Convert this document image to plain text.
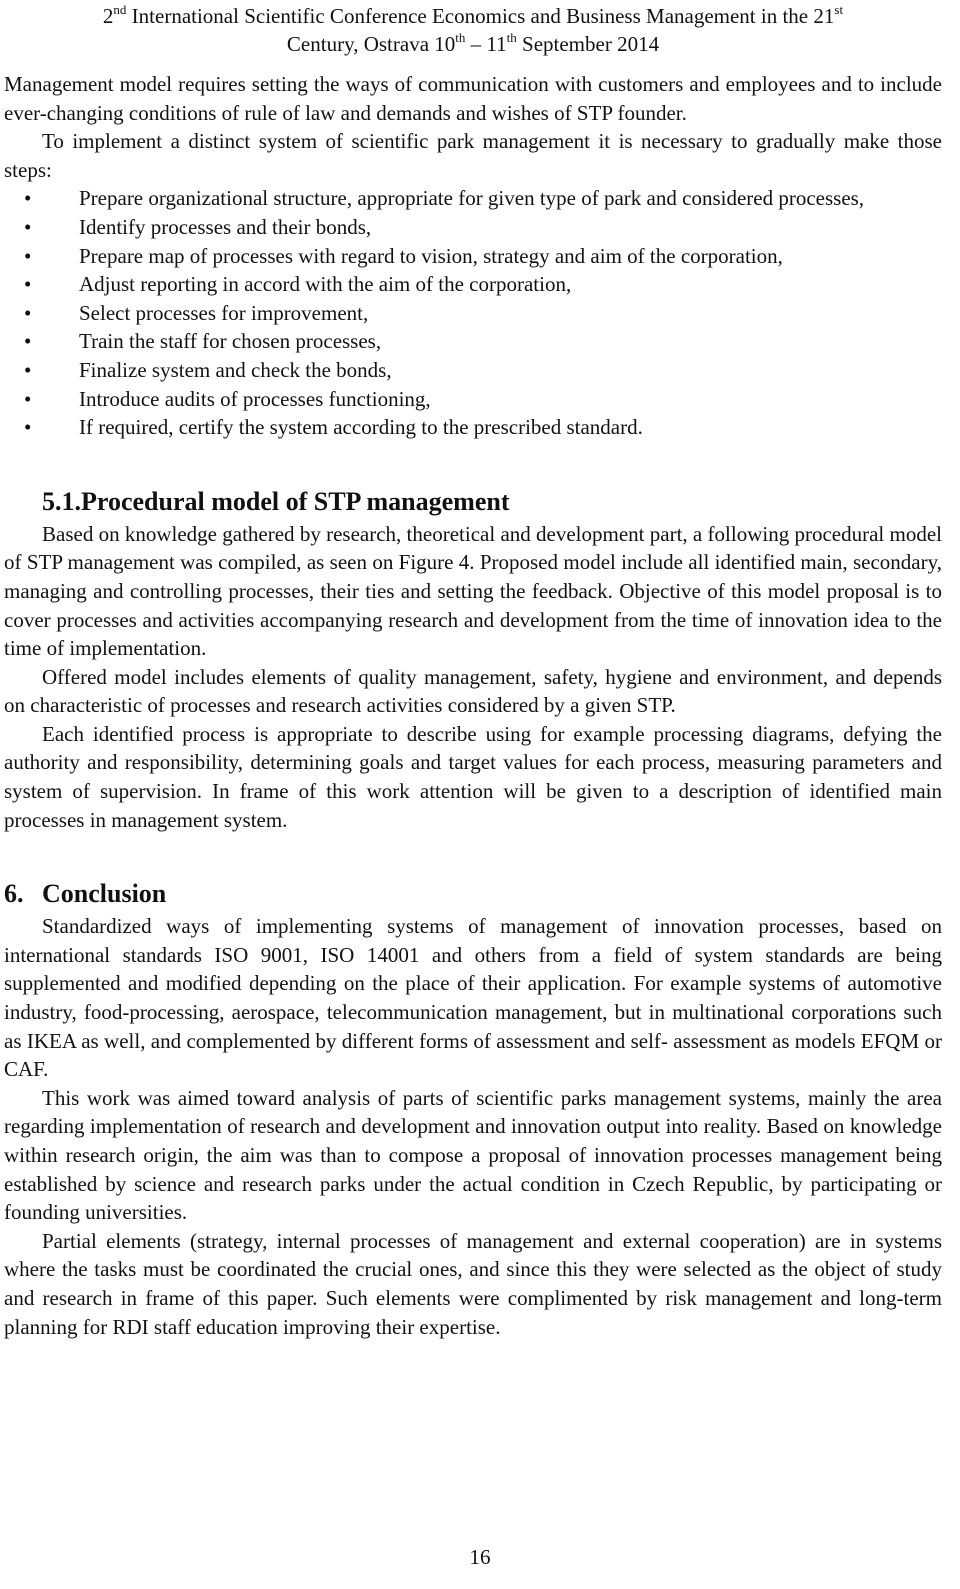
2nd International Scientific Conference Economics and Business Management in the 21st
Century, Ostrava 10th – 11th September 2014

Management model requires setting the ways of communication with customers and employees and to include ever-changing conditions of rule of law and demands and wishes of STP founder.

To implement a distinct system of scientific park management it is necessary to gradually make those steps:

•	Prepare organizational structure, appropriate for given type of park and considered processes,
•	Identify processes and their bonds,
•	Prepare map of processes with regard to vision, strategy and aim of the corporation,
•	Adjust reporting in accord with the aim of the corporation,
•	Select processes for improvement,
•	Train the staff for chosen processes,
•	Finalize system and check the bonds,
•	Introduce audits of processes functioning,
•	If required, certify the system according to the prescribed standard.
5.1.Procedural model of STP management

Based on knowledge gathered by research, theoretical and development part, a following procedural model of STP management was compiled, as seen on Figure 4. Proposed model include all identified main, secondary, managing and controlling processes, their ties and setting the feedback. Objective of this model proposal is to cover processes and activities accompanying research and development from the time of innovation idea to the time of implementation.

Offered model includes elements of quality management, safety, hygiene and environment, and depends on characteristic of processes and research activities considered by a given STP.

Each identified process is appropriate to describe using for example processing diagrams, defying the authority and responsibility, determining goals and target values for each process, measuring parameters and system of supervision. In frame of this work attention will be given to a description of identified main processes in management system.

6. Conclusion

Standardized ways of implementing systems of management of innovation processes, based on international standards ISO 9001, ISO 14001 and others from a field of system standards are being supplemented and modified depending on the place of their application. For example systems of automotive industry, food-processing, aerospace, telecommunication management, but in multinational corporations such as IKEA as well, and complemented by different forms of assessment and self- assessment as models EFQM or CAF.

This work was aimed toward analysis of parts of scientific parks management systems, mainly the area regarding implementation of research and development and innovation output into reality. Based on knowledge within research origin, the aim was than to compose a proposal of innovation processes management being established by science and research parks under the actual condition in Czech Republic, by participating or founding universities.

Partial elements (strategy, internal processes of management and external cooperation) are in systems where the tasks must be coordinated the crucial ones, and since this they were selected as the object of study and research in frame of this paper. Such elements were complimented by risk management and long-term planning for RDI staff education improving their expertise.

16
